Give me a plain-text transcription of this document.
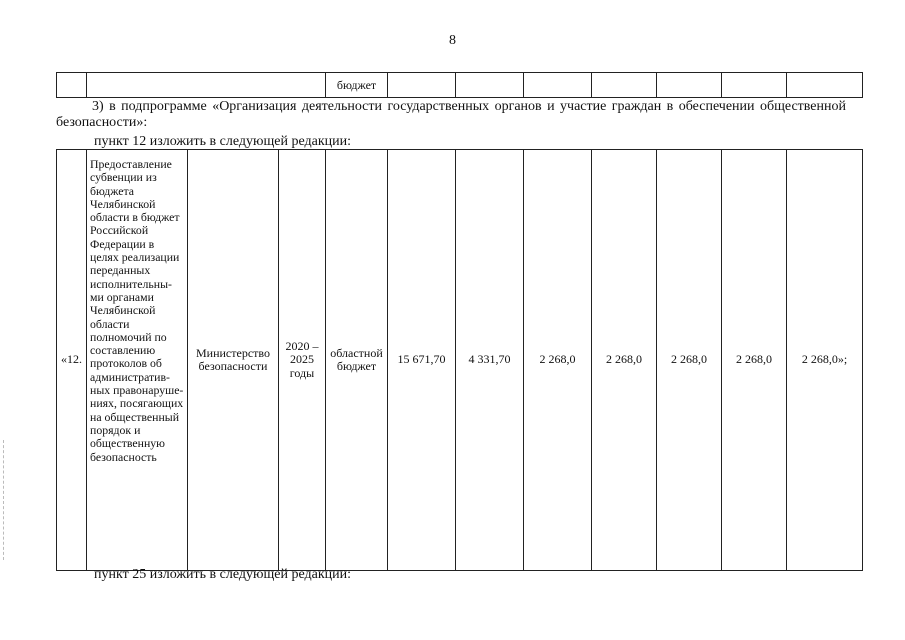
8
		бюджет							
3) в подпрограмме «Организация деятельности государственных органов и участие граждан в обеспечении общественной безопасности»:
пункт 12 изложить в следующей редакции:
«12.	Предоставление субвенции из бюджета Челябинской области в бюджет Российской Федерации в целях реализации переданных исполнительны- ми органами Челябинской области полномочий по составлению протоколов об административ- ных правонаруше- ниях, посягающих на общественный порядок и общественную безопасность	Министерство безопасности	2020 – 2025 годы	областной бюджет	15 671,70	4 331,70	2 268,0	2 268,0	2 268,0	2 268,0	2 268,0»;
пункт 25 изложить в следующей редакции:
